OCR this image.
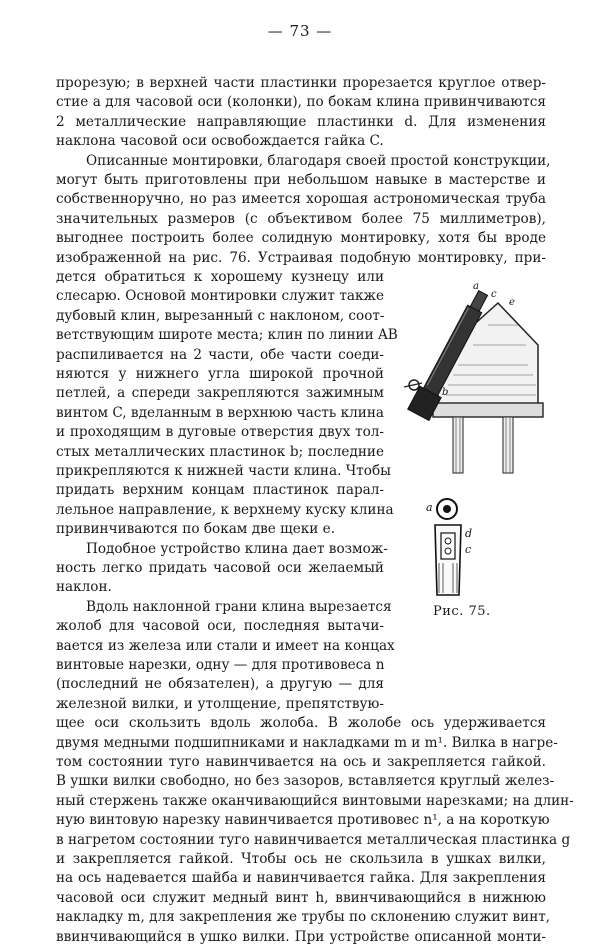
— 73 —
прорезую; в верхней части пластинки прорезается круглое отвер-
стие a для часовой оси (колонки), по бокам клина привинчиваются
2 металлические направляющие пластинки d. Для изменения
наклона часовой оси освобождается гайка C.
Описанные монтировки, благодаря своей простой конструкции,
могут быть приготовлены при небольшом навыке в мастерстве и
собственноручно, но раз имеется хорошая астрономическая труба
значительных размеров (с объективом более 75 миллиметров),
выгоднее построить более солидную монтировку, хотя бы вроде
изображенной на рис. 76. Устраивая подобную монтировку, при-
дется обратиться к хорошему кузнецу или
слесарю. Основой монтировки служит также
дубовый клин, вырезанный с наклоном, соот-
ветствующим широте места; клин по линии AB
распиливается на 2 части, обе части соеди-
няются у нижнего угла широкой прочной
петлей, а спереди закрепляются зажимным
винтом C, вделанным в верхнюю часть клина
и проходящим в дуговые отверстия двух тол-
стых металлических пластинок b; последние
прикрепляются к нижней части клина. Чтобы
придать верхним концам пластинок парал-
лельное направление, к верхнему куску клина
привинчиваются по бокам две щеки e.
Подобное устройство клина дает возмож-
ность легко придать часовой оси желаемый
наклон.
Вдоль наклонной грани клина вырезается
жолоб для часовой оси, последняя вытачи-
вается из железа или стали и имеет на концах
винтовые нарезки, одну — для противовеса n
(последний не обязателен), а другую — для
железной вилки, и утолщение, препятствую-
щее оси скользить вдоль жолоба. В жолобе ось удерживается
двумя медными подшипниками и накладками m и m¹. Вилка в нагре-
том состоянии туго навинчивается на ось и закрепляется гайкой.
В ушки вилки свободно, но без зазоров, вставляется круглый желез-
ный стержень также оканчивающийся винтовыми нарезками; на длин-
ную винтовую нарезку навинчивается противовес n¹, а на короткую
в нагретом состоянии туго навинчивается металлическая пластинка g
и закрепляется гайкой. Чтобы ось не скользила в ушках вилки,
на ось надевается шайба и навинчивается гайка. Для закрепления
часовой оси служит медный винт h, ввинчивающийся в нижнюю
накладку m, для закрепления же трубы по склонению служит винт,
ввинчивающийся в ушко вилки. При устройстве описанной монти-
a
c
e
b
a
d
c
Рис. 75.
